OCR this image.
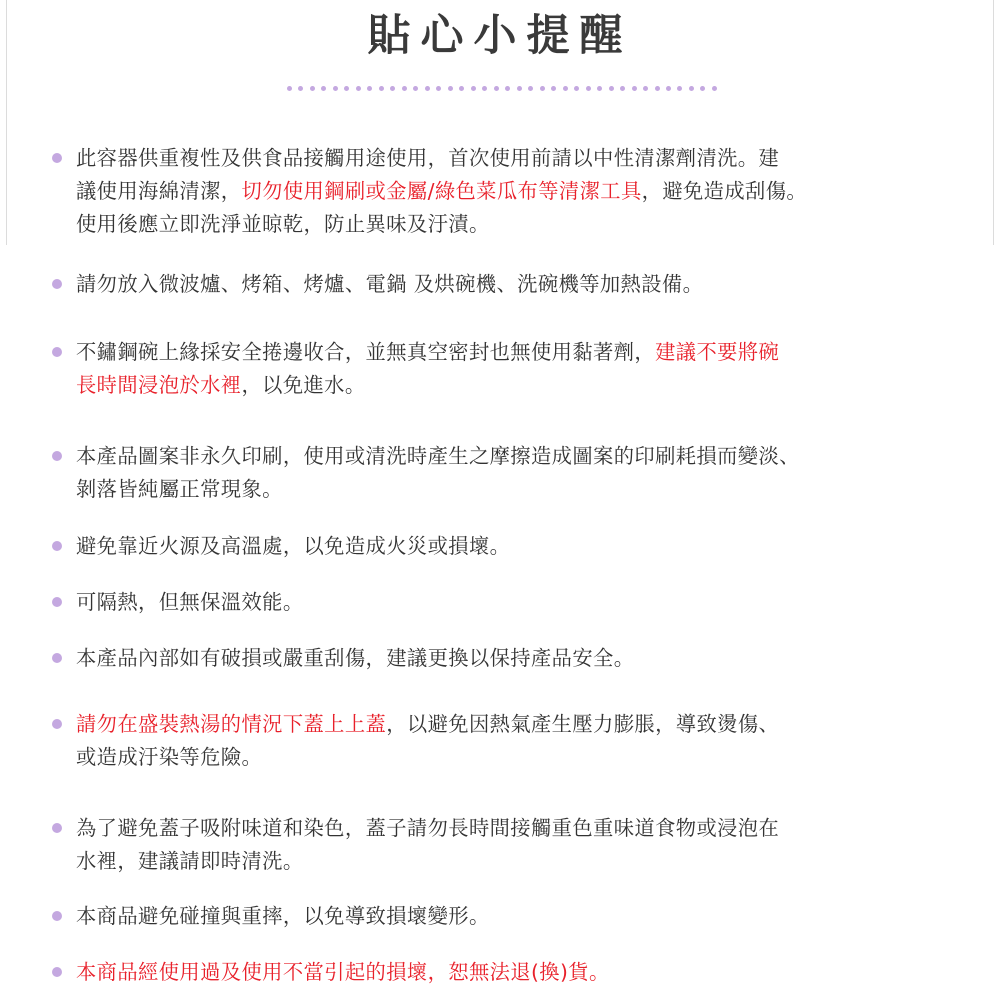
貼心小提醒
此容器供重複性及供食品接觸用途使用，首次使用前請以中性清潔劑清洗。建
議使用海綿清潔，切勿使用鋼刷或金屬/綠色菜瓜布等清潔工具，避免造成刮傷。
使用後應立即洗淨並晾乾，防止異味及汙漬。
請勿放入微波爐、烤箱、烤爐、電鍋 及烘碗機、洗碗機等加熱設備。
不鏽鋼碗上緣採安全捲邊收合，並無真空密封也無使用黏著劑，建議不要將碗
長時間浸泡於水裡，以免進水。
本產品圖案非永久印刷，使用或清洗時產生之摩擦造成圖案的印刷耗損而變淡、
剝落皆純屬正常現象。
避免靠近火源及高溫處，以免造成火災或損壞。
可隔熱，但無保溫效能。
本產品內部如有破損或嚴重刮傷，建議更換以保持產品安全。
請勿在盛裝熱湯的情況下蓋上上蓋，以避免因熱氣產生壓力膨脹，導致燙傷、
或造成汙染等危險。
為了避免蓋子吸附味道和染色，蓋子請勿長時間接觸重色重味道食物或浸泡在
水裡，建議請即時清洗。
本商品避免碰撞與重摔，以免導致損壞變形。
本商品經使用過及使用不當引起的損壞，恕無法退(換)貨。
